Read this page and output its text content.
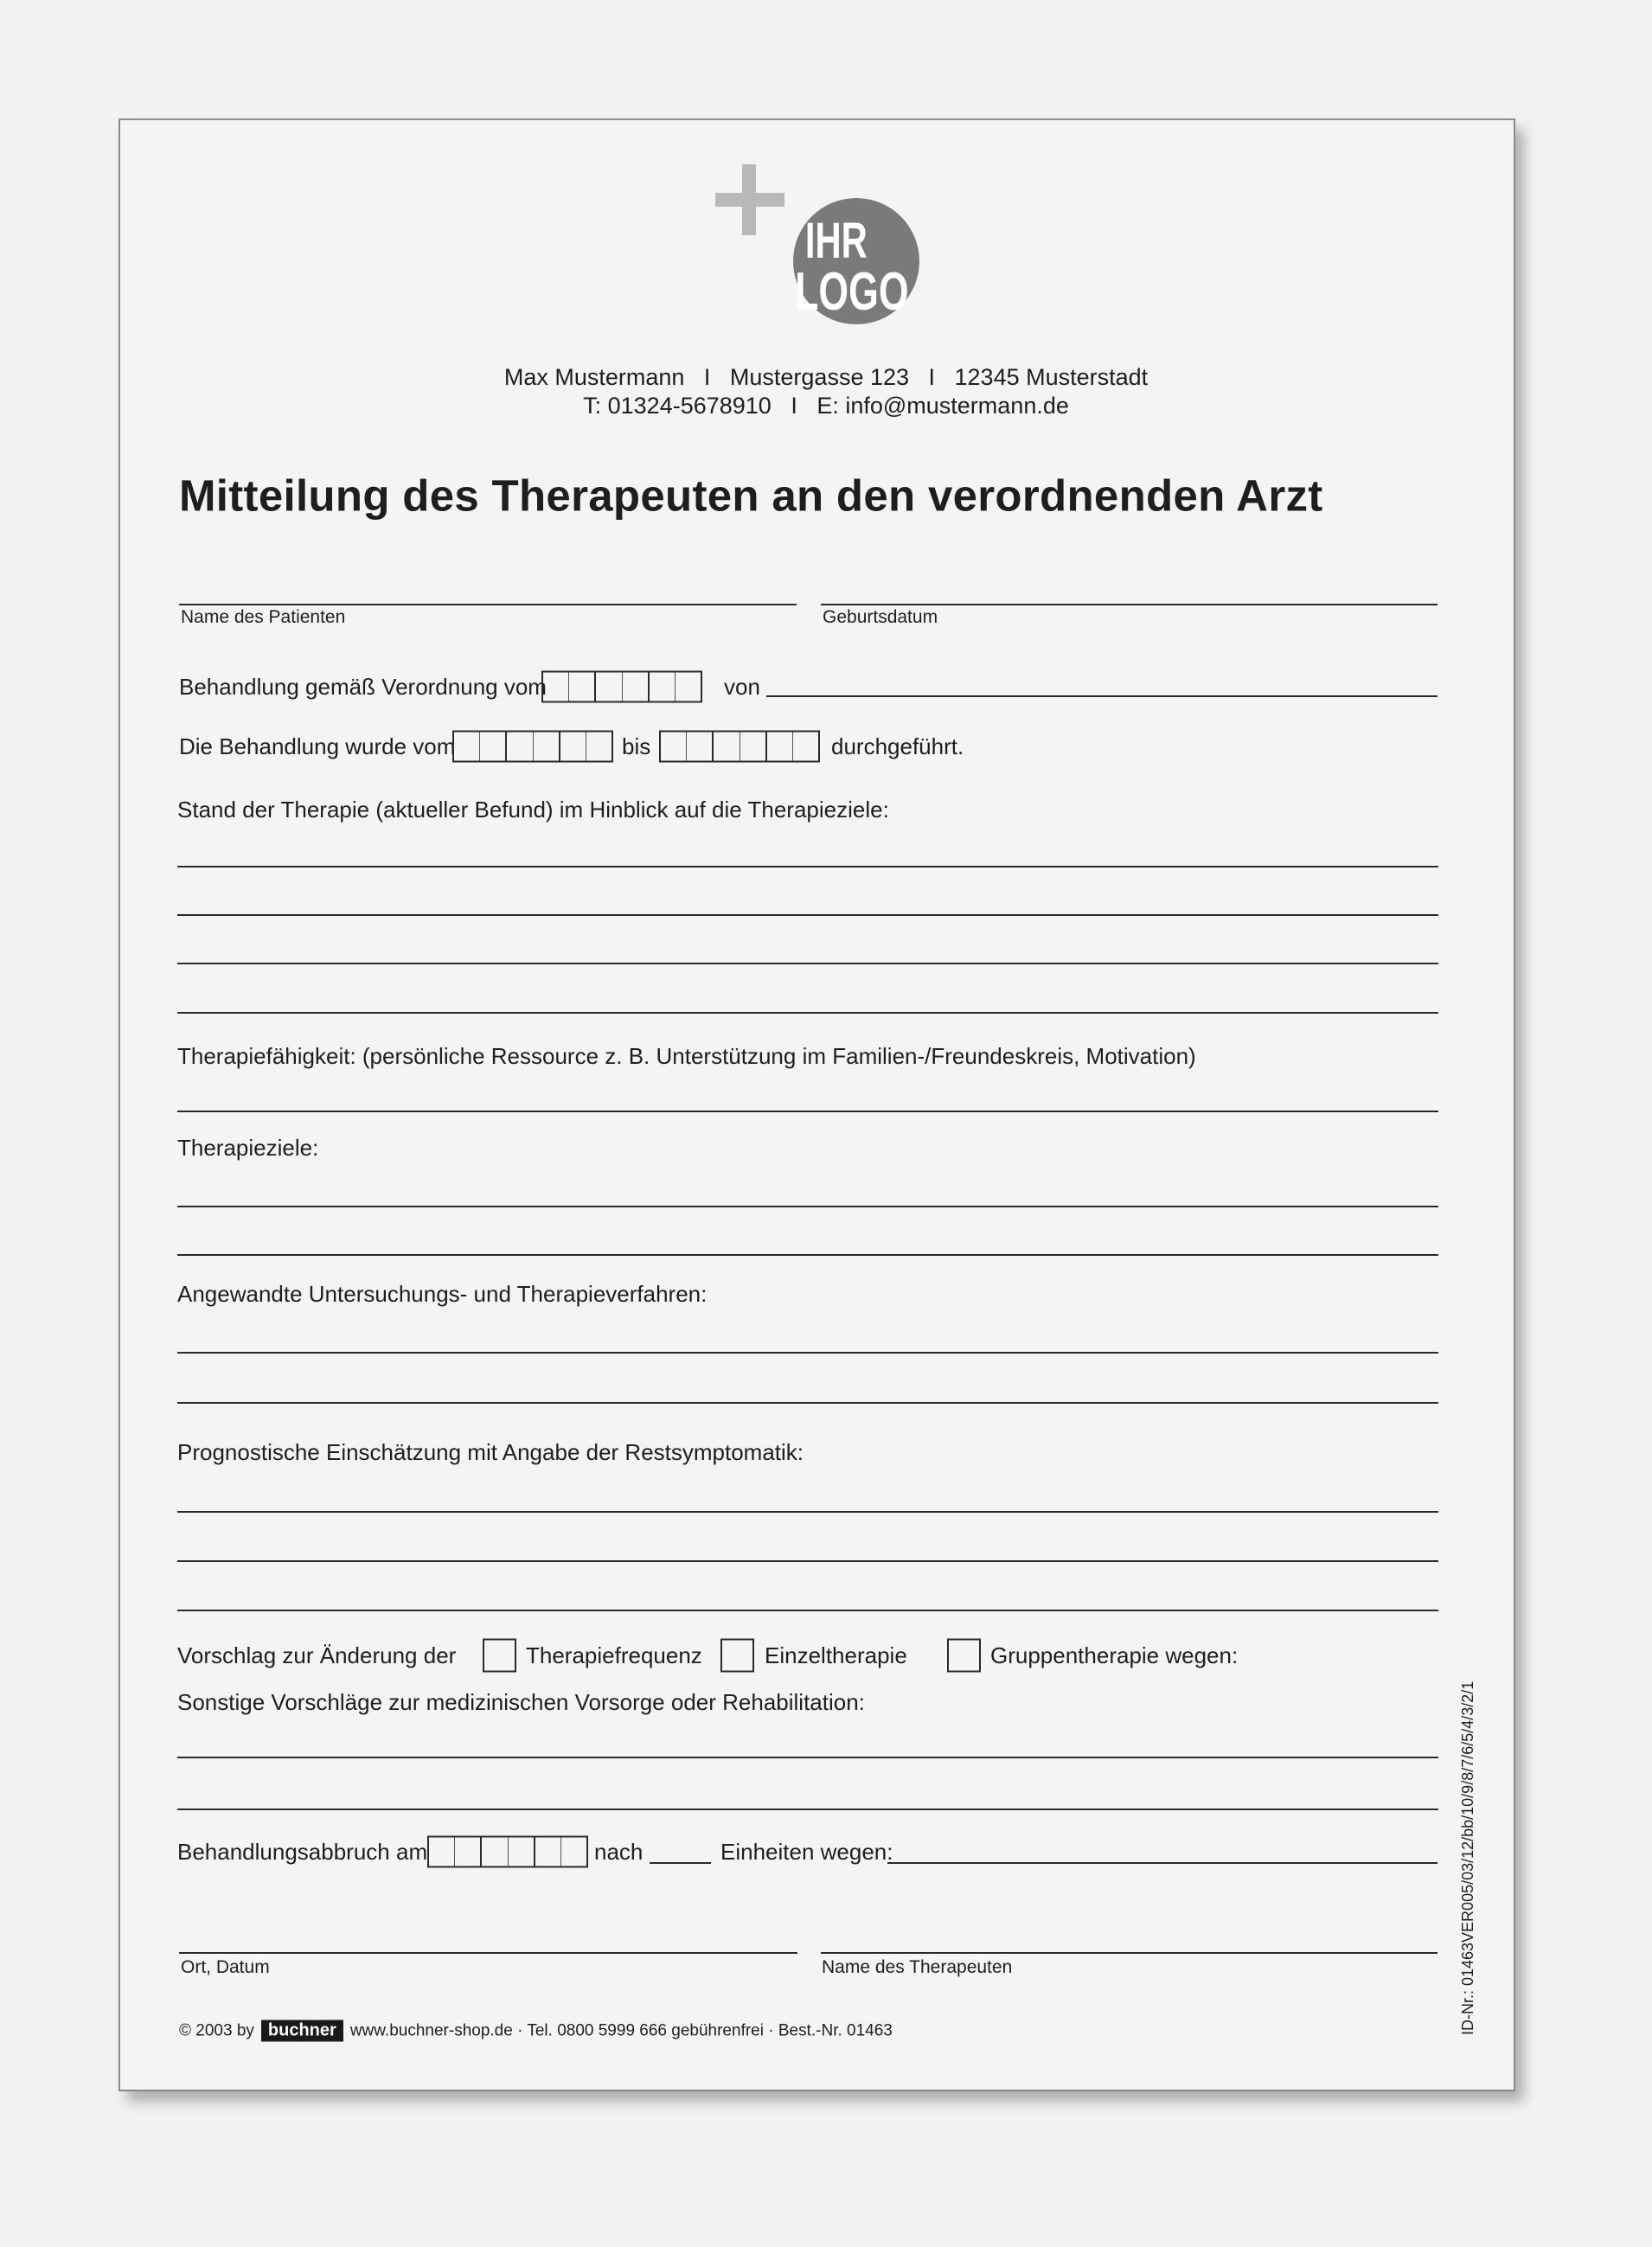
IHR
LOGO
Max Mustermann   I   Mustergasse 123   I   12345 Musterstadt
T: 01324-5678910   I   E: info@mustermann.de
Mitteilung des Therapeuten an den verordnenden Arzt
Name des Patienten	Geburtsdatum
Behandlung gemäß Verordnung vom	von
Die Behandlung wurde vom	bis	durchgeführt.
Stand der Therapie (aktueller Befund) im Hinblick auf die Therapieziele:
Therapiefähigkeit: (persönliche Ressource z. B. Unterstützung im Familien-/Freundeskreis, Motivation)
Therapieziele:
Angewandte Untersuchungs- und Therapieverfahren:
Prognostische Einschätzung mit Angabe der Restsymptomatik:
Vorschlag zur Änderung der	Therapiefrequenz	Einzeltherapie	Gruppentherapie wegen:
Sonstige Vorschläge zur medizinischen Vorsorge oder Rehabilitation:
Behandlungsabbruch am	nach	Einheiten wegen:
Ort, Datum	Name des Therapeuten
© 2003 by buchner www.buchner-shop.de · Tel. 0800 5999 666 gebührenfrei · Best.-Nr. 01463	ID-Nr.: 01463VER005/03/12/bb/10/9/8/7/6/5/4/3/2/1
